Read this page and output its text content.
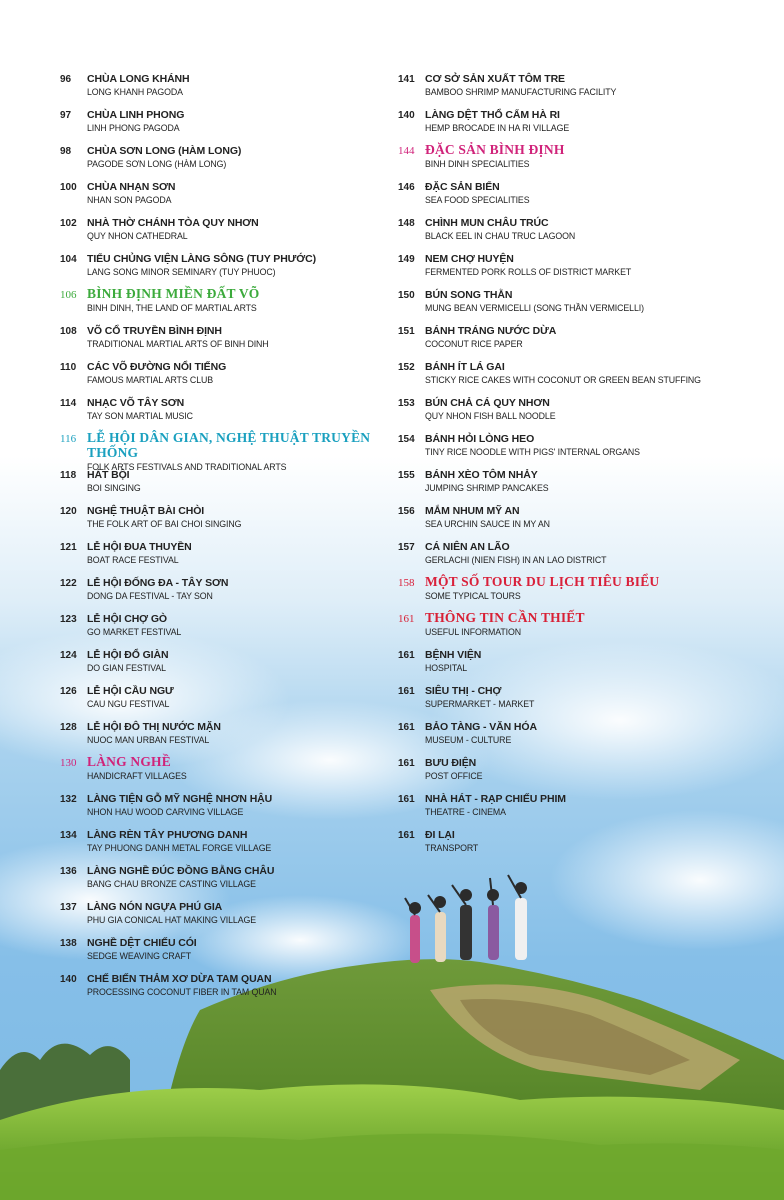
96	CHÙA LONG KHÁNH
LONG KHANH PAGODA
97	CHÙA LINH PHONG
LINH PHONG PAGODA
98	CHÙA SƠN LONG (HÀM LONG)
PAGODE SƠN LONG (HÀM LONG)
100 CHÙA NHẠN SƠN
NHAN SON PAGODA
102 NHÀ THỜ CHÁNH TÒA QUY NHƠN
QUY NHON CATHEDRAL
104 TIỂU CHỦNG VIỆN LÀNG SÔNG (TUY PHƯỚC)
LANG SONG MINOR SEMINARY (TUY PHUOC)
106 BÌNH ĐỊNH MIỀN ĐẤT VÕ
BINH DINH, THE LAND OF MARTIAL ARTS
108 VÕ CỔ TRUYỀN BÌNH ĐỊNH
TRADITIONAL MARTIAL ARTS OF BINH DINH
110	CÁC VÕ ĐƯỜNG NỔI TIẾNG
FAMOUS MARTIAL ARTS CLUB
114	NHẠC VÕ TÂY SƠN
TAY SON MARTIAL MUSIC
116 LỄ HỘI DÂN GIAN, NGHỆ THUẬT TRUYỀN THỐNG
FOLK ARTS FESTIVALS AND TRADITIONAL ARTS
118	HÁT BỘI
BOI SINGING
120 NGHỆ THUẬT BÀI CHÒI
THE FOLK ART OF BAI CHOI SINGING
121 LỄ HỘI ĐUA THUYỀN
BOAT RACE FESTIVAL
122 LỄ HỘI ĐỐNG ĐA - TÂY SƠN
DONG DA FESTIVAL - TAY SON
123 LỄ HỘI CHỢ GÒ
GO MARKET FESTIVAL
124 LỄ HỘI ĐỔ GIÀN
DO GIAN FESTIVAL
126 LỄ HỘI CẦU NGƯ
CAU NGU FESTIVAL
128 LỄ HỘI ĐÔ THỊ NƯỚC MẶN
NUOC MAN URBAN FESTIVAL
130 LÀNG NGHỀ
HANDICRAFT VILLAGES
132 LÀNG TIỆN GỖ MỸ NGHỆ NHƠN HẬU
NHON HAU WOOD CARVING VILLAGE
134 LÀNG RÈN TÂY PHƯƠNG DANH
TAY PHUONG DANH METAL FORGE VILLAGE
136 LÀNG NGHỀ ĐÚC ĐỒNG BẰNG CHÂU
BANG CHAU BRONZE CASTING VILLAGE
137 LÀNG NÓN NGỰA PHÚ GIA
PHU GIA CONICAL HAT MAKING VILLAGE
138 NGHỀ DỆT CHIẾU CÓI
SEDGE WEAVING CRAFT
140 CHẾ BIẾN THẢM XƠ DỪA TAM QUAN
PROCESSING COCONUT FIBER IN TAM QUAN
141 CƠ SỞ SẢN XUẤT TÔM TRE
BAMBOO SHRIMP MANUFACTURING FACILITY
140 LÀNG DỆT THỔ CẨM HÀ RI
HEMP BROCADE IN HA RI VILLAGE
144 ĐẶC SẢN BÌNH ĐỊNH
BINH DINH SPECIALITIES
146 ĐẶC SẢN BIỂN
SEA FOOD SPECIALITIES
148 CHÌNH MUN CHÂU TRÚC
BLACK EEL IN CHAU TRUC LAGOON
149 NEM CHỢ HUYỆN
FERMENTED PORK ROLLS OF DISTRICT MARKET
150 BÚN SONG THẰN
MUNG BEAN VERMICELLI (SONG THẦN VERMICELLI)
151 BÁNH TRÁNG NƯỚC DỪA
COCONUT RICE PAPER
152 BÁNH ÍT LÁ GAI
STICKY RICE CAKES WITH COCONUT OR GREEN BEAN STUFFING
153 BÚN CHẢ CÁ QUY NHƠN
QUY NHON FISH BALL NOODLE
154 BÁNH HỎI LÒNG HEO
TINY RICE NOODLE WITH PIGS' INTERNAL ORGANS
155 BÁNH XÈO TÔM NHẢY
JUMPING SHRIMP PANCAKES
156 MẮM NHUM MỸ AN
SEA URCHIN SAUCE IN MY AN
157 CÁ NIÊN AN LÃO
GERLACHI (NIEN FISH) IN AN LAO DISTRICT
158 MỘT SỐ TOUR DU LỊCH TIÊU BIỂU
SOME TYPICAL TOURS
161 THÔNG TIN CẦN THIẾT
USEFUL INFORMATION
161 BỆNH VIỆN
HOSPITAL
161 SIÊU THỊ - CHỢ
SUPERMARKET - MARKET
161 BẢO TÀNG - VĂN HÓA
MUSEUM - CULTURE
161 BƯU ĐIỆN
POST OFFICE
161 NHÀ HÁT - RẠP CHIẾU PHIM
THEATRE - CINEMA
161 ĐI LẠI
TRANSPORT
